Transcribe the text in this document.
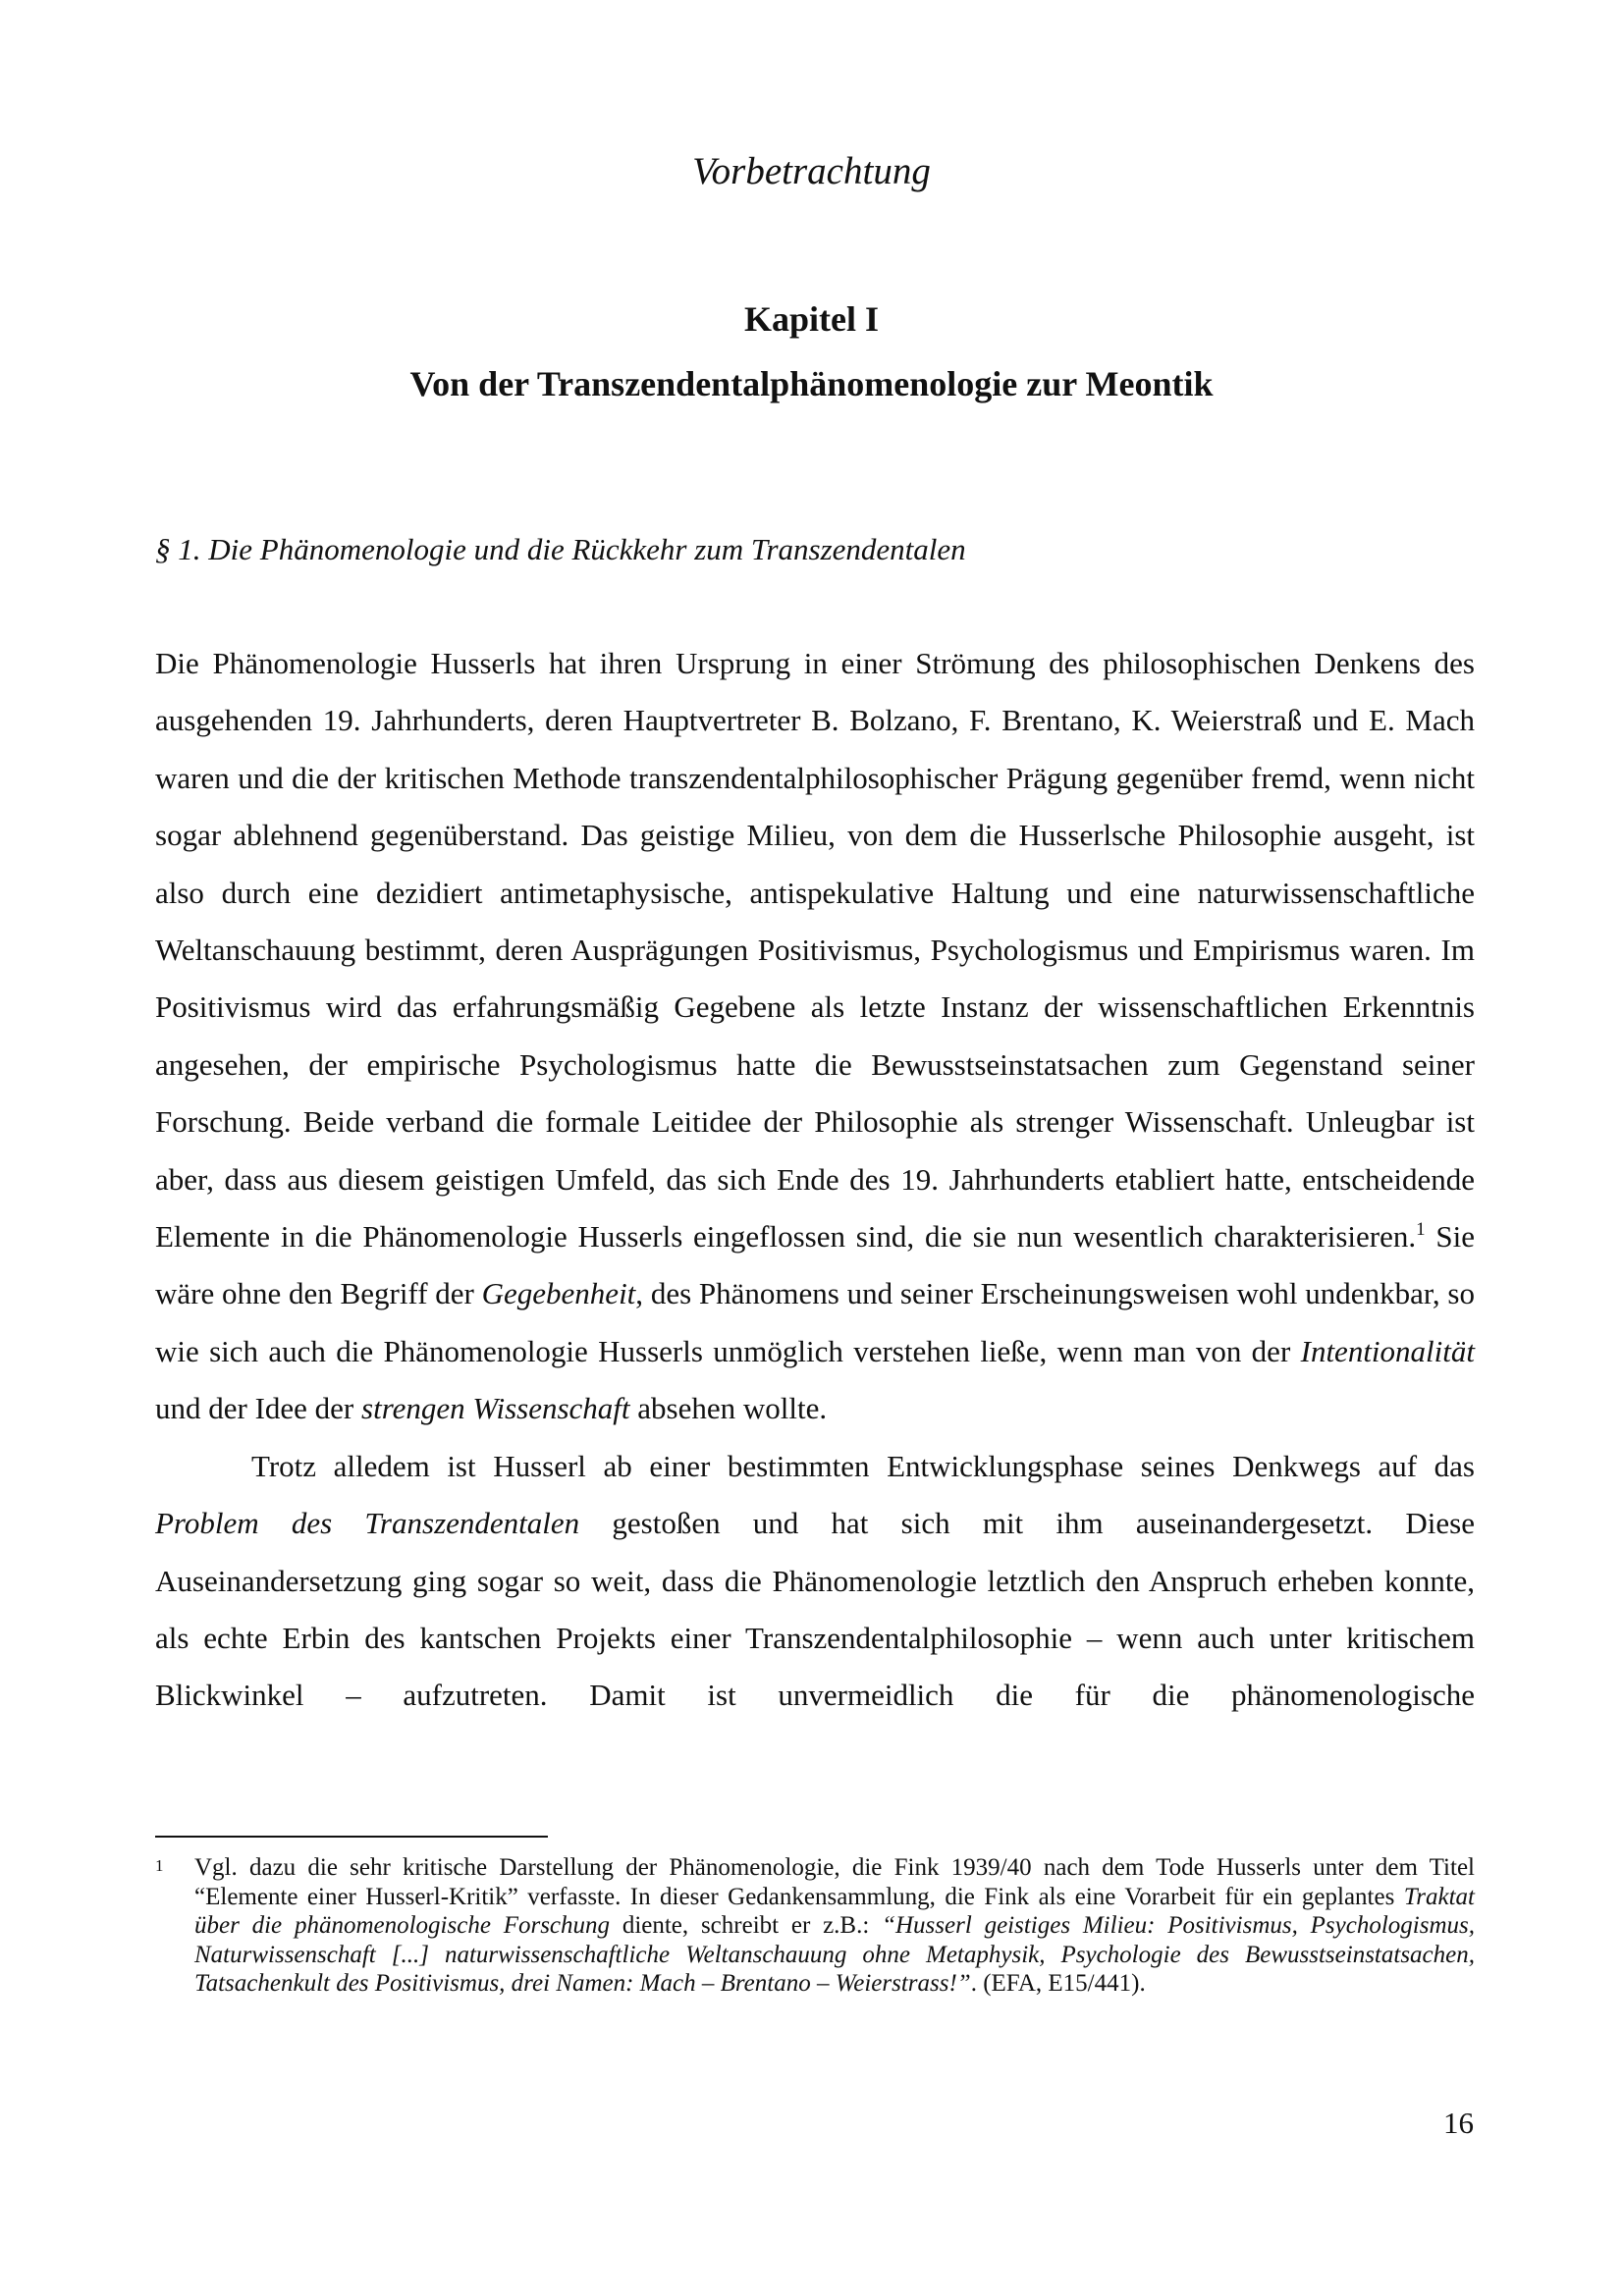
Vorbetrachtung
Kapitel I
Von der Transzendentalphänomenologie zur Meontik
§ 1. Die Phänomenologie und die Rückkehr zum Transzendentalen

Die Phänomenologie Husserls hat ihren Ursprung in einer Strömung des philosophischen Denkens des ausgehenden 19. Jahrhunderts, deren Hauptvertreter B. Bolzano, F. Brentano, K. Weierstraß und E. Mach waren und die der kritischen Methode transzendentalphilosophischer Prägung gegenüber fremd, wenn nicht sogar ablehnend gegenüberstand. Das geistige Milieu, von dem die Husserlsche Philosophie ausgeht, ist also durch eine dezidiert antimetaphysische, antispekulative Haltung und eine naturwissenschaftliche Weltanschauung bestimmt, deren Ausprägungen Positivismus, Psychologismus und Empirismus waren. Im Positivismus wird das erfahrungsmäßig Gegebene als letzte Instanz der wissenschaftlichen Erkenntnis angesehen, der empirische Psychologismus hatte die Bewusstseinstatsachen zum Gegenstand seiner Forschung. Beide verband die formale Leitidee der Philosophie als strenger Wissenschaft. Unleugbar ist aber, dass aus diesem geistigen Umfeld, das sich Ende des 19. Jahrhunderts etabliert hatte, entscheidende Elemente in die Phänomenologie Husserls eingeflossen sind, die sie nun wesentlich charakterisieren.$^1$ Sie wäre ohne den Begriff der Gegebenheit, des Phänomens und seiner Erscheinungsweisen wohl undenkbar, so wie sich auch die Phänomenologie Husserls unmöglich verstehen ließe, wenn man von der Intentionalität und der Idee der strengen Wissenschaft absehen wollte.

Trotz alledem ist Husserl ab einer bestimmten Entwicklungsphase seines Denkwegs auf das Problem des Transzendentalen gestoßen und hat sich mit ihm auseinandergesetzt. Diese Auseinandersetzung ging sogar so weit, dass die Phänomenologie letztlich den Anspruch erheben konnte, als echte Erbin des kantschen Projekts einer Transzendentalphilosophie – wenn auch unter kritischem Blickwinkel – aufzutreten. Damit ist unvermeidlich die für die phänomenologische

1 Vgl. dazu die sehr kritische Darstellung der Phänomenologie, die Fink 1939/40 nach dem Tode Husserls unter dem Titel “Elemente einer Husserl-Kritik” verfasste. In dieser Gedankensammlung, die Fink als eine Vorarbeit für ein geplantes Traktat über die phänomenologische Forschung diente, schreibt er z.B.: “Husserl geistiges Milieu: Positivismus, Psychologismus, Naturwissenschaft [...] naturwissenschaftliche Weltanschauung ohne Metaphysik, Psychologie des Bewusstseinstatsachen, Tatsachenkult des Positivismus, drei Namen: Mach – Brentano – Weierstrass!”. (EFA, E15/441).

16
